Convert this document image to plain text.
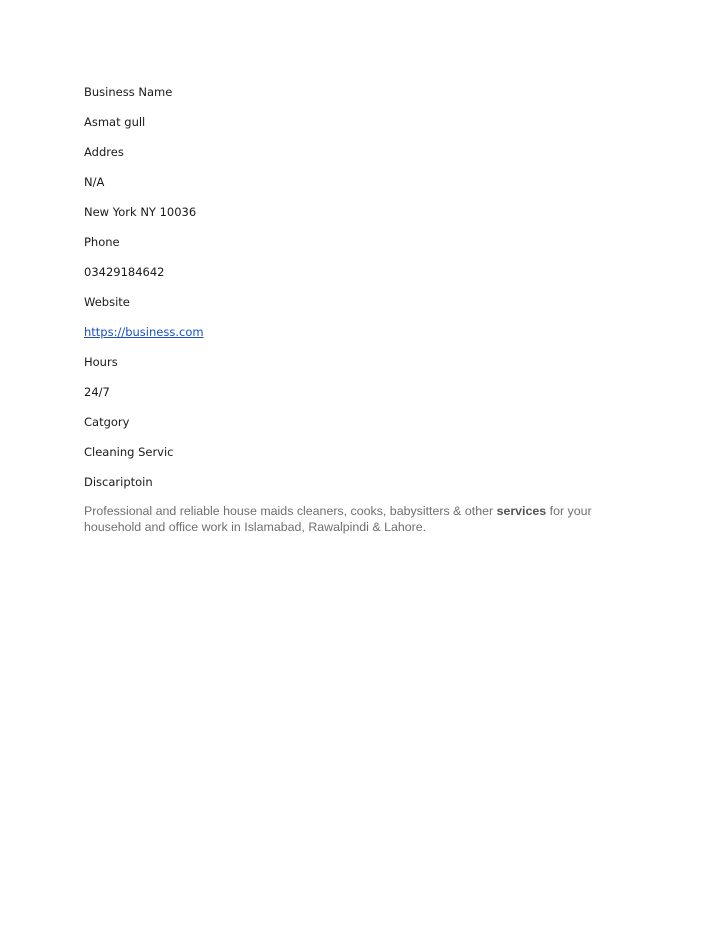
Business Name
Asmat gull
Addres
N/A
New York NY 10036
Phone
03429184642
Website
https://business.com
Hours
24/7
Catgory
Cleaning Servic
Discariptoin
Professional and reliable house maids cleaners, cooks, babysitters & other services for your household and office work in Islamabad, Rawalpindi & Lahore.
